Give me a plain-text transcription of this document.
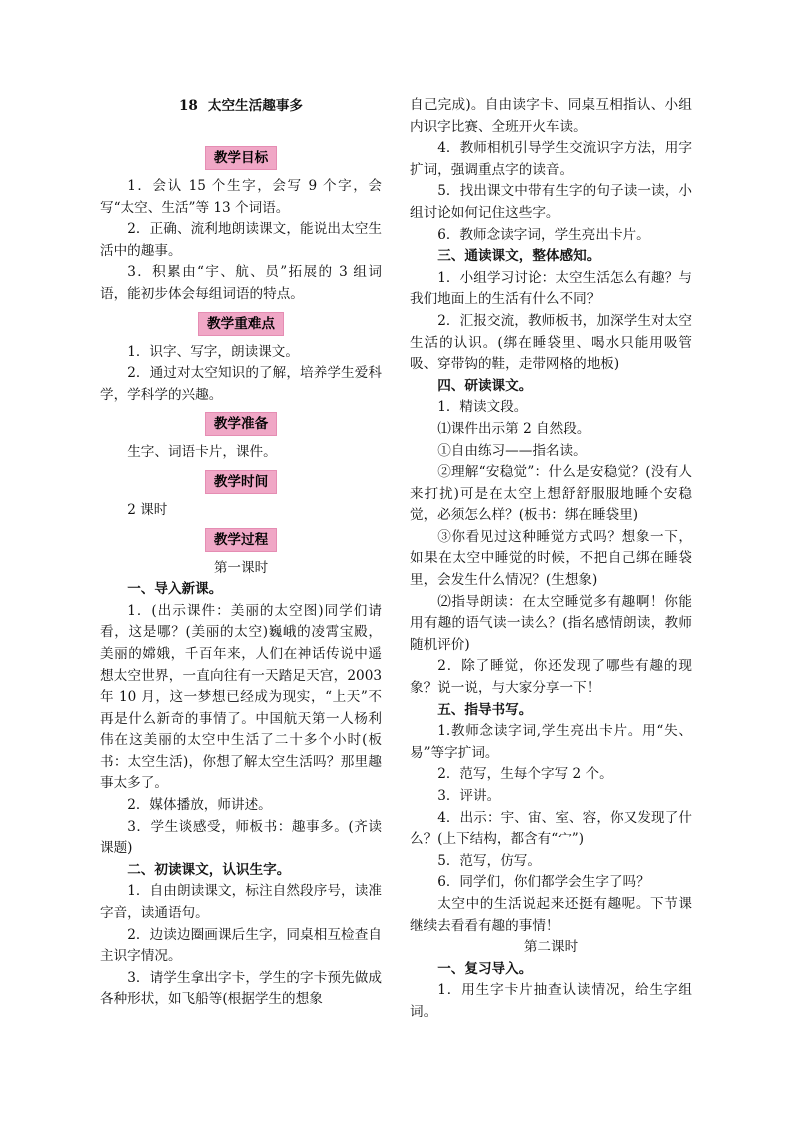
18 太空生活趣事多

教学目标

1．会认 15 个生字，会写 9 个字，会写“太空、生活”等 13 个词语。

2．正确、流利地朗读课文，能说出太空生活中的趣事。

3．积累由“宇、航、员”拓展的 3 组词语，能初步体会每组词语的特点。

教学重难点

1．识字、写字，朗读课文。

2．通过对太空知识的了解，培养学生爱科学，学科学的兴趣。

教学准备

生字、词语卡片，课件。

教学时间

2 课时

教学过程

第一课时

一、导入新课。

1．(出示课件：美丽的太空图)同学们请看，这是哪？(美丽的太空)巍峨的凌霄宝殿，美丽的嫦娥，千百年来，人们在神话传说中遥想太空世界，一直向往有一天踏足天宫，2003 年 10 月，这一梦想已经成为现实，“上天”不再是什么新奇的事情了。中国航天第一人杨利伟在这美丽的太空中生活了二十多个小时(板书：太空生活)，你想了解太空生活吗？那里趣事太多了。

2．媒体播放，师讲述。

3．学生谈感受，师板书：趣事多。(齐读课题)

二、初读课文，认识生字。

1．自由朗读课文，标注自然段序号，读准字音，读通语句。

2．边读边圈画课后生字，同桌相互检查自主识字情况。

3．请学生拿出字卡，学生的字卡预先做成各种形状，如飞船等(根据学生的想象

自己完成)。自由读字卡、同桌互相指认、小组内识字比赛、全班开火车读。

4．教师相机引导学生交流识字方法，用字扩词，强调重点字的读音。

5．找出课文中带有生字的句子读一读，小组讨论如何记住这些字。

6．教师念读字词，学生亮出卡片。

三、通读课文，整体感知。

1．小组学习讨论：太空生活怎么有趣？与我们地面上的生活有什么不同？

2．汇报交流，教师板书，加深学生对太空生活的认识。(绑在睡袋里、喝水只能用吸管吸、穿带钩的鞋，走带网格的地板)

四、研读课文。

1．精读文段。

⑴课件出示第 2 自然段。

①自由练习——指名读。

②理解“安稳觉”：什么是安稳觉？(没有人来打扰)可是在太空上想舒舒服服地睡个安稳觉，必须怎么样？(板书：绑在睡袋里)

③你看见过这种睡觉方式吗？想象一下，如果在太空中睡觉的时候，不把自己绑在睡袋里，会发生什么情况？(生想象)

⑵指导朗读：在太空睡觉多有趣啊！你能用有趣的语气读一读么？(指名感情朗读，教师随机评价)

2．除了睡觉，你还发现了哪些有趣的现象？说一说，与大家分享一下！

五、指导书写。

1.教师念读字词,学生亮出卡片。用“失、易”等字扩词。

2．范写，生每个字写 2 个。

3．评讲。

4．出示：宇、宙、室、容，你又发现了什么？(上下结构，都含有“宀”)

5．范写，仿写。

6．同学们，你们都学会生字了吗？

太空中的生活说起来还挺有趣呢。下节课继续去看看有趣的事情！

第二课时

一、复习导入。

1．用生字卡片抽查认读情况，给生字组词。
